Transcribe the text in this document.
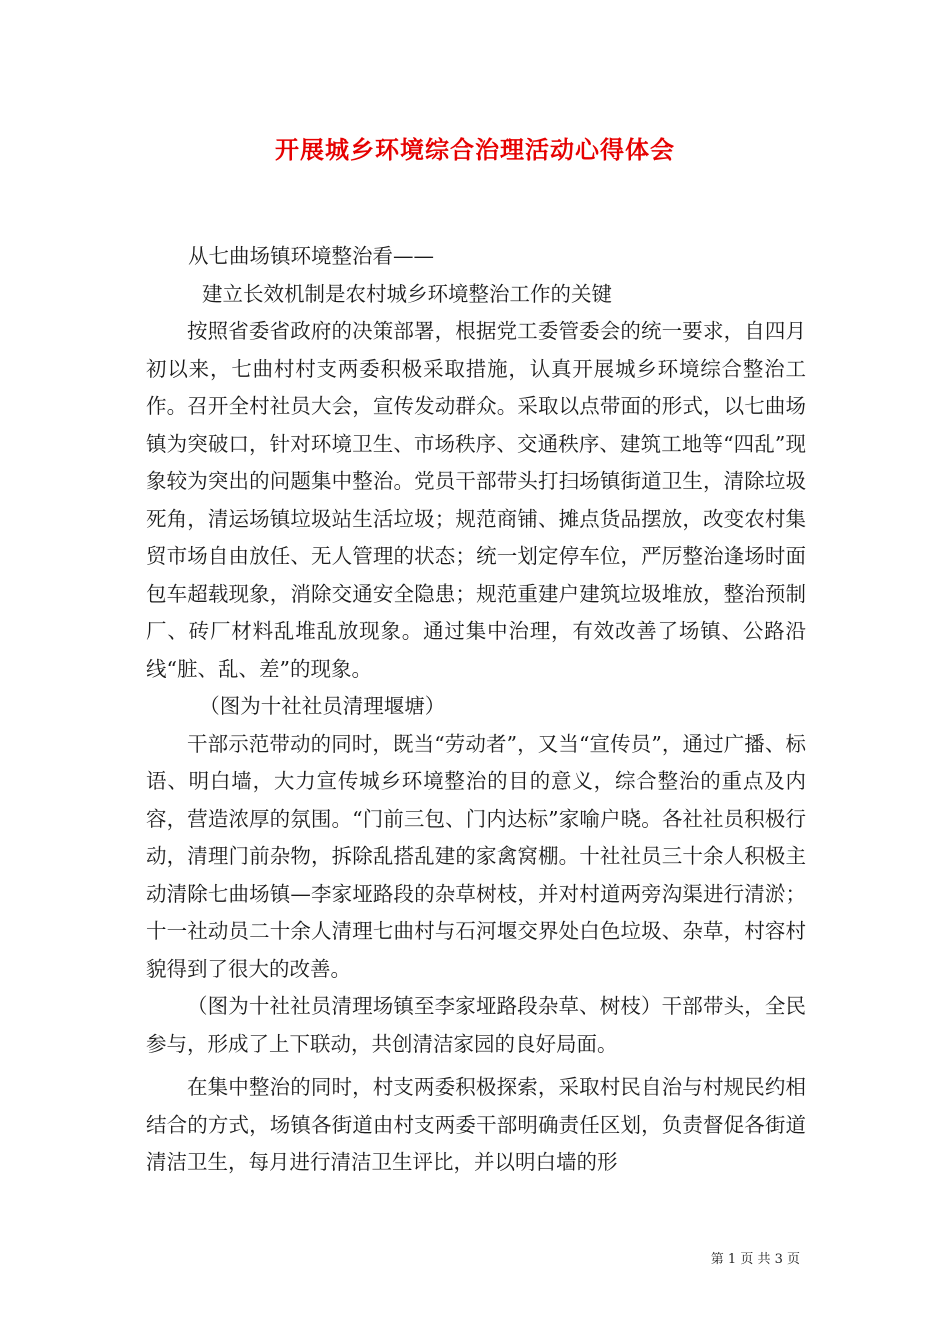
开展城乡环境综合治理活动心得体会
从七曲场镇环境整治看——
建立长效机制是农村城乡环境整治工作的关键

按照省委省政府的决策部署，根据党工委管委会的统一要求，自四月初以来，七曲村村支两委积极采取措施，认真开展城乡环境综合整治工作。召开全村社员大会，宣传发动群众。采取以点带面的形式，以七曲场镇为突破口，针对环境卫生、市场秩序、交通秩序、建筑工地等“四乱”现象较为突出的问题集中整治。党员干部带头打扫场镇街道卫生，清除垃圾死角，清运场镇垃圾站生活垃圾；规范商铺、摊点货品摆放，改变农村集贸市场自由放任、无人管理的状态；统一划定停车位，严厉整治逢场时面包车超载现象，消除交通安全隐患；规范重建户建筑垃圾堆放，整治预制厂、砖厂材料乱堆乱放现象。通过集中治理，有效改善了场镇、公路沿线“脏、乱、差”的现象。

（图为十社社员清理堰塘）

干部示范带动的同时，既当“劳动者”，又当“宣传员”，通过广播、标语、明白墙，大力宣传城乡环境整治的目的意义，综合整治的重点及内容，营造浓厚的氛围。“门前三包、门内达标”家喻户晓。各社社员积极行动，清理门前杂物，拆除乱搭乱建的家禽窝棚。十社社员三十余人积极主动清除七曲场镇—李家垭路段的杂草树枝，并对村道两旁沟渠进行清淤；十一社动员二十余人清理七曲村与石河堰交界处白色垃圾、杂草，村容村貌得到了很大的改善。

（图为十社社员清理场镇至李家垭路段杂草、树枝）干部带头，全民参与，形成了上下联动，共创清洁家园的良好局面。

在集中整治的同时，村支两委积极探索，采取村民自治与村规民约相结合的方式，场镇各街道由村支两委干部明确责任区划，负责督促各街道清洁卫生，每月进行清洁卫生评比，并以明白墙的形

第 1 页 共 3 页
